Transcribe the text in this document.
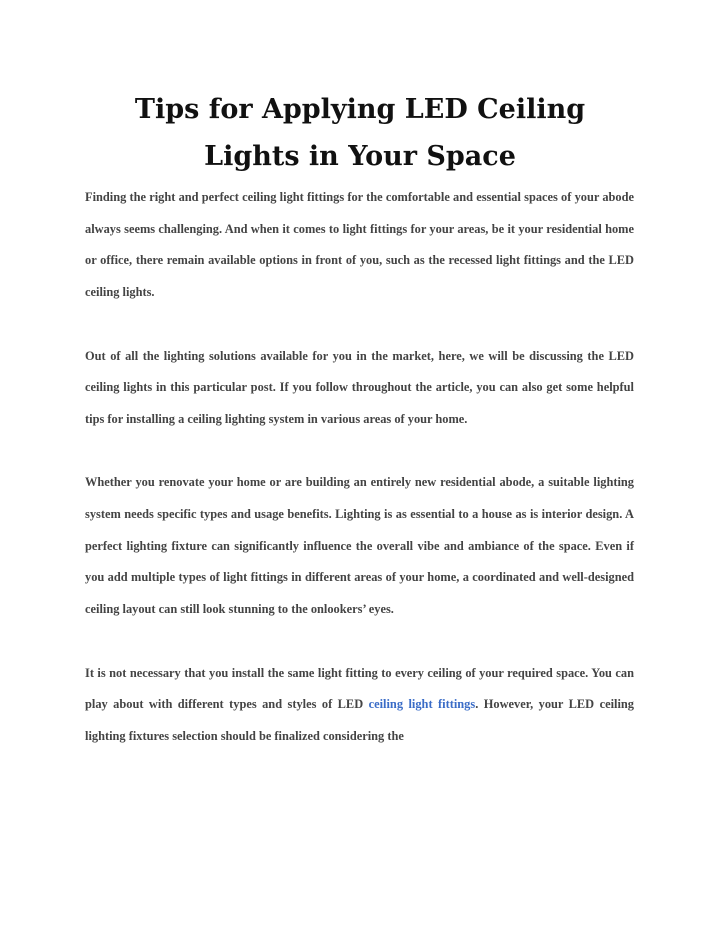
Tips for Applying LED Ceiling Lights in Your Space

Finding the right and perfect ceiling light fittings for the comfortable and essential spaces of your abode always seems challenging. And when it comes to light fittings for your areas, be it your residential home or office, there remain available options in front of you, such as the recessed light fittings and the LED ceiling lights.

Out of all the lighting solutions available for you in the market, here, we will be discussing the LED ceiling lights in this particular post. If you follow throughout the article, you can also get some helpful tips for installing a ceiling lighting system in various areas of your home.

Whether you renovate your home or are building an entirely new residential abode, a suitable lighting system needs specific types and usage benefits. Lighting is as essential to a house as is interior design. A perfect lighting fixture can significantly influence the overall vibe and ambiance of the space. Even if you add multiple types of light fittings in different areas of your home, a coordinated and well-designed ceiling layout can still look stunning to the onlookers’ eyes.

It is not necessary that you install the same light fitting to every ceiling of your required space. You can play about with different types and styles of LED ceiling light fittings. However, your LED ceiling lighting fixtures selection should be finalized considering the
